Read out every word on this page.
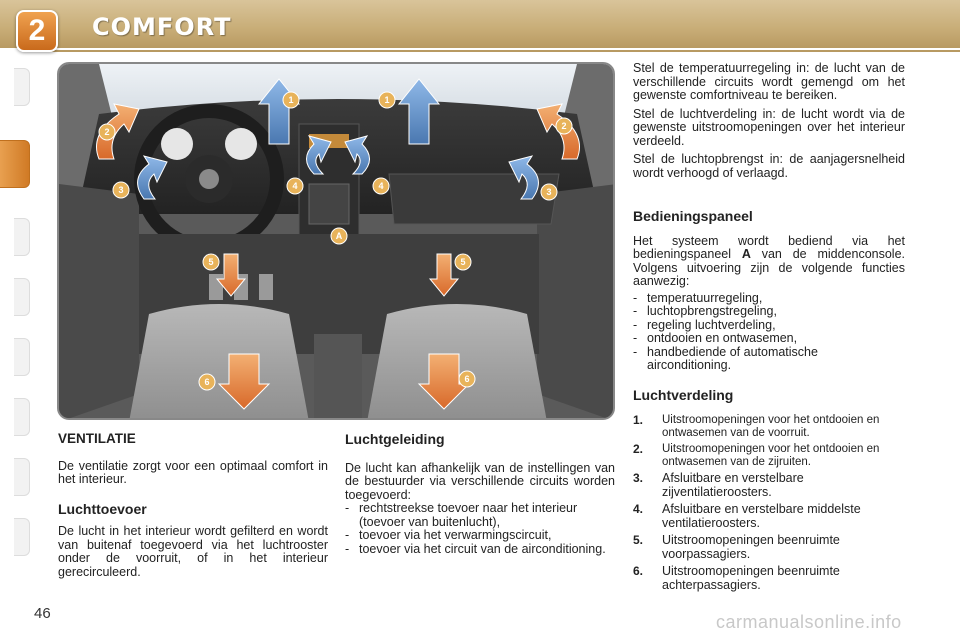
2	COMFORT
1	1
2
2
3	3
4	4
A
5	5
6	6
VENTILATIE

De ventilatie zorgt voor een optimaal comfort in het interieur.

Luchttoevoer

De lucht in het interieur wordt gefilterd en wordt van buitenaf toegevoerd via het luchtrooster onder de voorruit, of in het interieur gerecirculeerd.

Luchtgeleiding

De lucht kan afhankelijk van de instellingen van de bestuurder via verschillende circuits worden toegevoerd:

- rechtstreekse toevoer naar het interieur (toevoer van buitenlucht),
- toevoer via het verwarmingscircuit,
- toevoer via het circuit van de airconditioning.

Stel de temperatuurregeling in: de lucht van de verschillende circuits wordt gemengd om het gewenste comfortniveau te bereiken.

Stel de luchtverdeling in: de lucht wordt via de gewenste uitstroomopeningen over het interieur verdeeld.

Stel de luchtopbrengst in: de aanjagersnelheid wordt verhoogd of verlaagd.

Bedieningspaneel

Het systeem wordt bediend via het bedieningspaneel A van de middenconsole. Volgens uitvoering zijn de volgende functies aanwezig:

- temperatuurregeling,
- luchtopbrengstregeling,
- regeling luchtverdeling,
- ontdooien en ontwasemen,
- handbediende of automatische airconditioning.
Luchtverdeling
1. Uitstroomopeningen voor het ontdooien en ontwasemen van de voorruit.
2. Uitstroomopeningen voor het ontdooien en ontwasemen van de zijruiten.
3. Afsluitbare en verstelbare zijventilatieroosters.
4. Afsluitbare en verstelbare middelste ventilatieroosters.
5. Uitstroomopeningen beenruimte voorpassagiers.
6. Uitstroomopeningen beenruimte achterpassagiers.
46	carmanualsonline.info
